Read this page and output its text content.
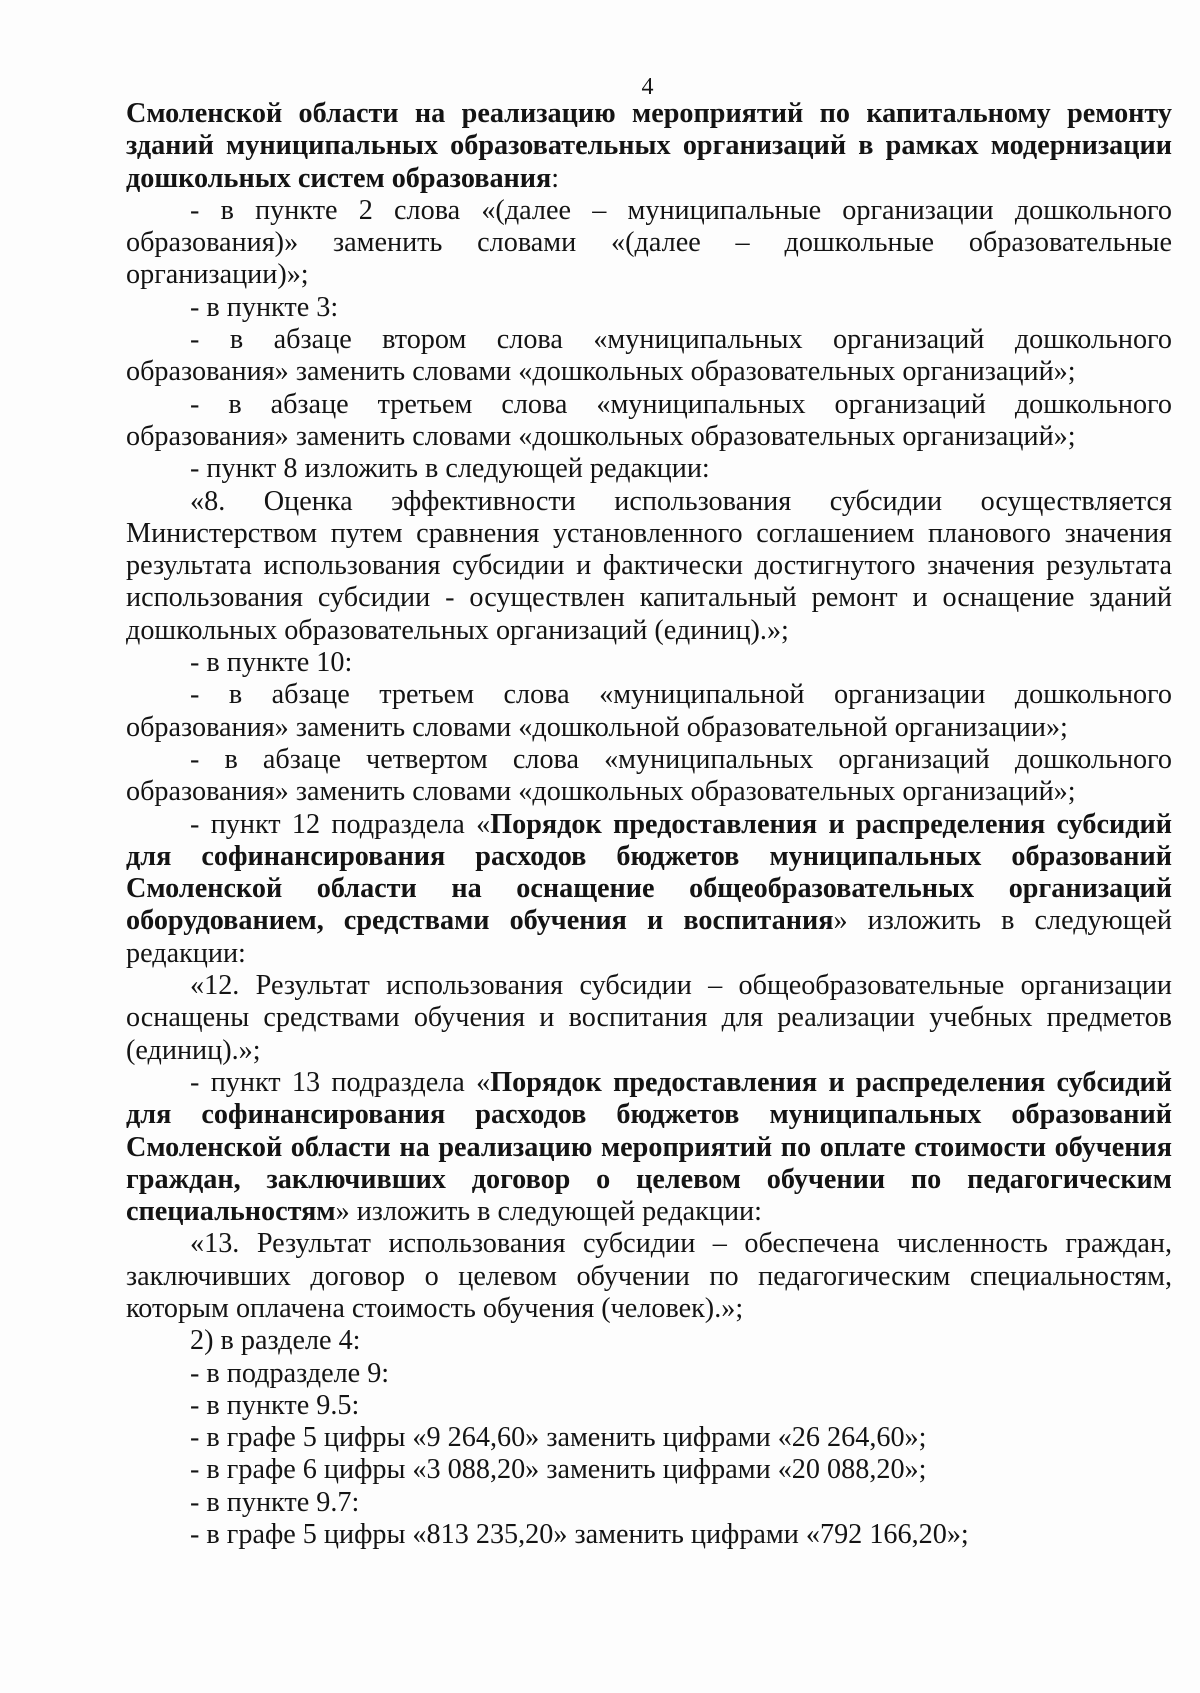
4

Смоленской области на реализацию мероприятий по капитальному ремонту зданий муниципальных образовательных организаций в рамках модернизации дошкольных систем образования:

- в пункте 2 слова «(далее – муниципальные организации дошкольного образования)» заменить словами «(далее – дошкольные образовательные организации)»;

- в пункте 3:

- в абзаце втором слова «муниципальных организаций дошкольного образования» заменить словами «дошкольных образовательных организаций»;

- в абзаце третьем слова «муниципальных организаций дошкольного образования» заменить словами «дошкольных образовательных организаций»;

- пункт 8 изложить в следующей редакции:

«8. Оценка эффективности использования субсидии осуществляется Министерством путем сравнения установленного соглашением планового значения результата использования субсидии и фактически достигнутого значения результата использования субсидии - осуществлен капитальный ремонт и оснащение зданий дошкольных образовательных организаций (единиц).»;

- в пункте 10:

- в абзаце третьем слова «муниципальной организации дошкольного образования» заменить словами «дошкольной образовательной организации»;

- в абзаце четвертом слова «муниципальных организаций дошкольного образования» заменить словами «дошкольных образовательных организаций»;

- пункт 12 подраздела «Порядок предоставления и распределения субсидий для софинансирования расходов бюджетов муниципальных образований Смоленской области на оснащение общеобразовательных организаций оборудованием, средствами обучения и воспитания» изложить в следующей редакции:

«12. Результат использования субсидии – общеобразовательные организации оснащены средствами обучения и воспитания для реализации учебных предметов (единиц).»;

- пункт 13 подраздела «Порядок предоставления и распределения субсидий для софинансирования расходов бюджетов муниципальных образований Смоленской области на реализацию мероприятий по оплате стоимости обучения граждан, заключивших договор о целевом обучении по педагогическим специальностям» изложить в следующей редакции:

«13. Результат использования субсидии – обеспечена численность граждан, заключивших договор о целевом обучении по педагогическим специальностям, которым оплачена стоимость обучения (человек).»;

2) в разделе 4:

- в подразделе 9:

- в пункте 9.5:

- в графе 5 цифры «9 264,60» заменить цифрами «26 264,60»;

- в графе 6 цифры «3 088,20» заменить цифрами «20 088,20»;

- в пункте 9.7:

- в графе 5 цифры «813 235,20» заменить цифрами «792 166,20»;
